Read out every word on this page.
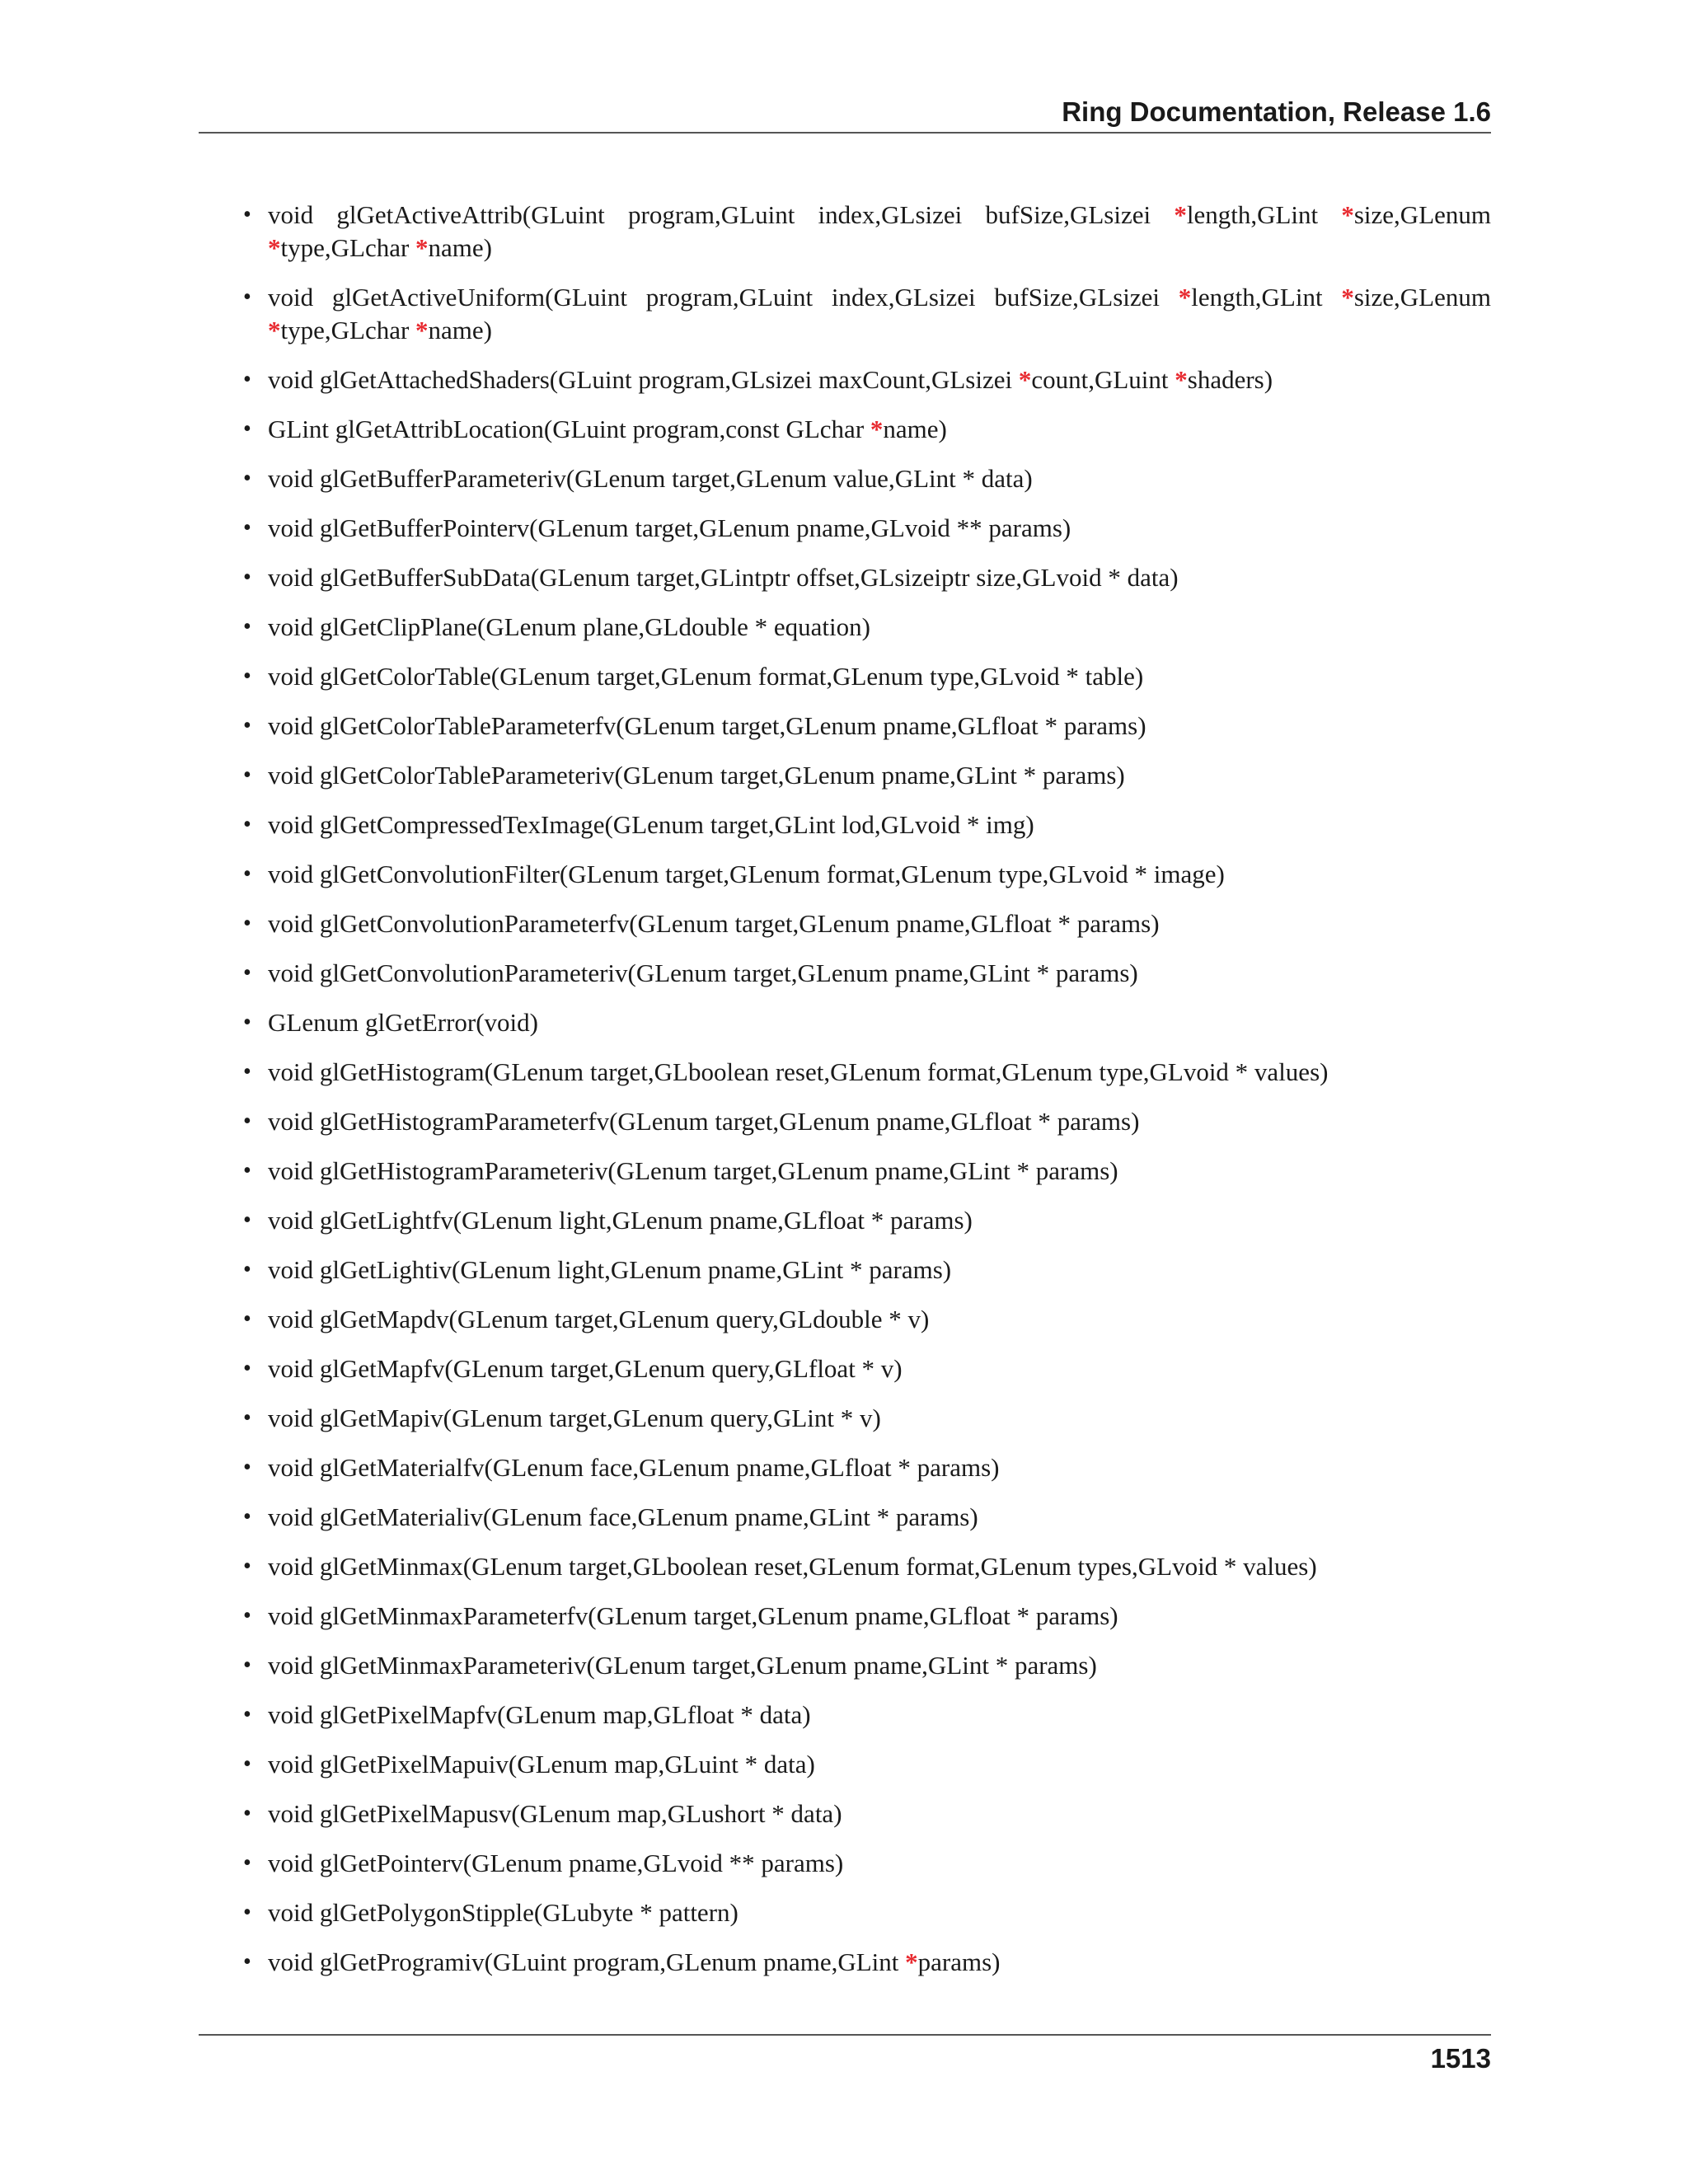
Ring Documentation, Release 1.6
• void glGetActiveAttrib(GLuint program,GLuint index,GLsizei bufSize,GLsizei *length,GLint *size,GLenum *type,GLchar *name)
• void glGetActiveUniform(GLuint program,GLuint index,GLsizei bufSize,GLsizei *length,GLint *size,GLenum *type,GLchar *name)
• void glGetAttachedShaders(GLuint program,GLsizei maxCount,GLsizei *count,GLuint *shaders)
• GLint glGetAttribLocation(GLuint program,const GLchar *name)
• void glGetBufferParameteriv(GLenum target,GLenum value,GLint * data)
• void glGetBufferPointerv(GLenum target,GLenum pname,GLvoid ** params)
• void glGetBufferSubData(GLenum target,GLintptr offset,GLsizeiptr size,GLvoid * data)
• void glGetClipPlane(GLenum plane,GLdouble * equation)
• void glGetColorTable(GLenum target,GLenum format,GLenum type,GLvoid * table)
• void glGetColorTableParameterfv(GLenum target,GLenum pname,GLfloat * params)
• void glGetColorTableParameteriv(GLenum target,GLenum pname,GLint * params)
• void glGetCompressedTexImage(GLenum target,GLint lod,GLvoid * img)
• void glGetConvolutionFilter(GLenum target,GLenum format,GLenum type,GLvoid * image)
• void glGetConvolutionParameterfv(GLenum target,GLenum pname,GLfloat * params)
• void glGetConvolutionParameteriv(GLenum target,GLenum pname,GLint * params)
• GLenum glGetError(void)
• void glGetHistogram(GLenum target,GLboolean reset,GLenum format,GLenum type,GLvoid * values)
• void glGetHistogramParameterfv(GLenum target,GLenum pname,GLfloat * params)
• void glGetHistogramParameteriv(GLenum target,GLenum pname,GLint * params)
• void glGetLightfv(GLenum light,GLenum pname,GLfloat * params)
• void glGetLightiv(GLenum light,GLenum pname,GLint * params)
• void glGetMapdv(GLenum target,GLenum query,GLdouble * v)
• void glGetMapfv(GLenum target,GLenum query,GLfloat * v)
• void glGetMapiv(GLenum target,GLenum query,GLint * v)
• void glGetMaterialfv(GLenum face,GLenum pname,GLfloat * params)
• void glGetMaterialiv(GLenum face,GLenum pname,GLint * params)
• void glGetMinmax(GLenum target,GLboolean reset,GLenum format,GLenum types,GLvoid * values)
• void glGetMinmaxParameterfv(GLenum target,GLenum pname,GLfloat * params)
• void glGetMinmaxParameteriv(GLenum target,GLenum pname,GLint * params)
• void glGetPixelMapfv(GLenum map,GLfloat * data)
• void glGetPixelMapuiv(GLenum map,GLuint * data)
• void glGetPixelMapusv(GLenum map,GLushort * data)
• void glGetPointerv(GLenum pname,GLvoid ** params)
• void glGetPolygonStipple(GLubyte * pattern)
• void glGetProgramiv(GLuint program,GLenum pname,GLint *params)
1513
